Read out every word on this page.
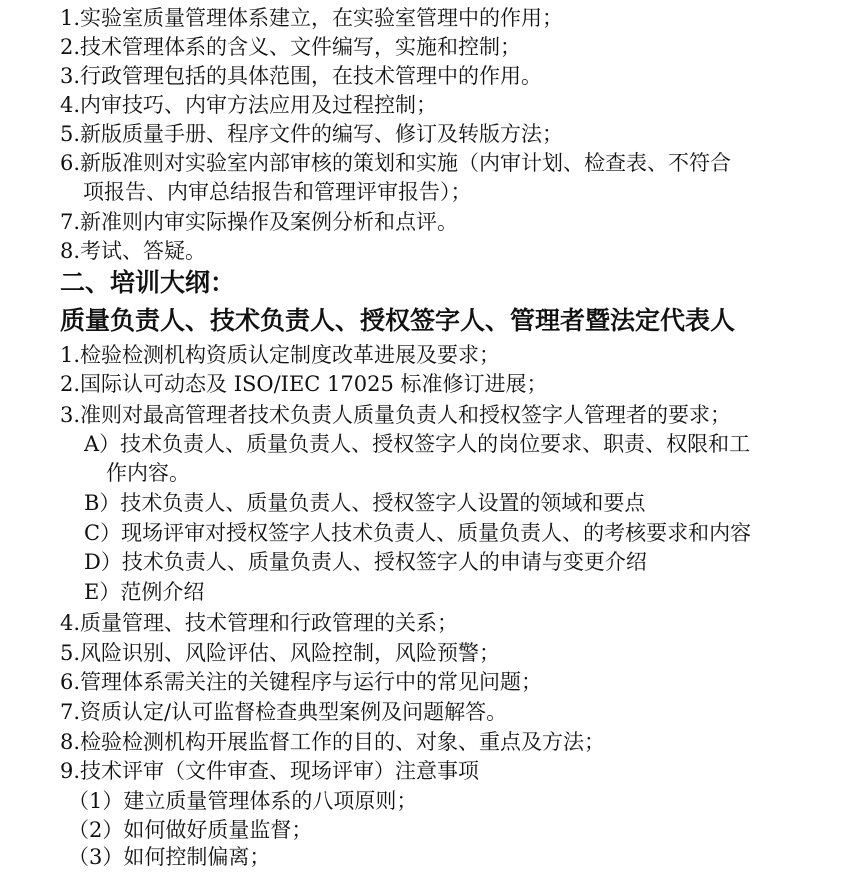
1.实验室质量管理体系建立，在实验室管理中的作用；
2.技术管理体系的含义、文件编写，实施和控制；
3.行政管理包括的具体范围，在技术管理中的作用。
4.内审技巧、内审方法应用及过程控制；
5.新版质量手册、程序文件的编写、修订及转版方法；
6.新版准则对实验室内部审核的策划和实施（内审计划、检查表、不符合
项报告、内审总结报告和管理评审报告）；
7.新准则内审实际操作及案例分析和点评。
8.考试、答疑。
二、培训大纲：
质量负责人、技术负责人、授权签字人、管理者暨法定代表人
1.检验检测机构资质认定制度改革进展及要求；
2.国际认可动态及 ISO/IEC 17025 标准修订进展；
3.准则对最高管理者技术负责人质量负责人和授权签字人管理者的要求；
A）技术负责人、质量负责人、授权签字人的岗位要求、职责、权限和工
作内容。
B）技术负责人、质量负责人、授权签字人设置的领域和要点
C）现场评审对授权签字人技术负责人、质量负责人、的考核要求和内容
D）技术负责人、质量负责人、授权签字人的申请与变更介绍
E）范例介绍
4.质量管理、技术管理和行政管理的关系；
5.风险识别、风险评估、风险控制，风险预警；
6.管理体系需关注的关键程序与运行中的常见问题；
7.资质认定/认可监督检查典型案例及问题解答。
8.检验检测机构开展监督工作的目的、对象、重点及方法；
9.技术评审（文件审查、现场评审）注意事项
（1）建立质量管理体系的八项原则；
（2）如何做好质量监督；
（3）如何控制偏离；
